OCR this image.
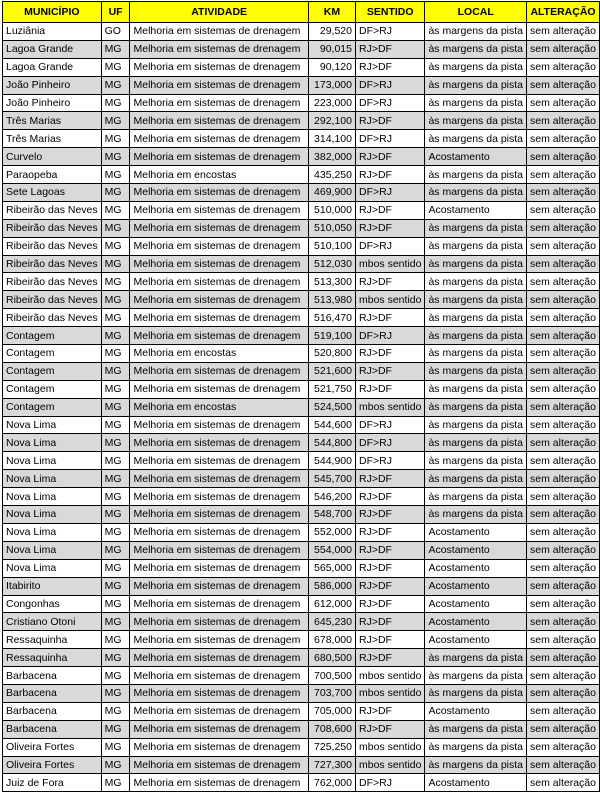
MUNICÍPIO	UF	ATIVIDADE	KM	SENTIDO	LOCAL	ALTERAÇÃO
Luziânia	GO	Melhoria em sistemas de drenagem	29,520	DF>RJ	às margens da pista	sem alteração
Lagoa Grande	MG	Melhoria em sistemas de drenagem	90,015	RJ>DF	às margens da pista	sem alteração
Lagoa Grande	MG	Melhoria em sistemas de drenagem	90,120	RJ>DF	às margens da pista	sem alteração
João Pinheiro	MG	Melhoria em sistemas de drenagem	173,000	DF>RJ	às margens da pista	sem alteração
João Pinheiro	MG	Melhoria em sistemas de drenagem	223,000	DF>RJ	às margens da pista	sem alteração
Três Marias	MG	Melhoria em sistemas de drenagem	292,100	RJ>DF	às margens da pista	sem alteração
Três Marias	MG	Melhoria em sistemas de drenagem	314,100	DF>RJ	às margens da pista	sem alteração
Curvelo	MG	Melhoria em sistemas de drenagem	382,000	RJ>DF	Acostamento	sem alteração
Paraopeba	MG	Melhoria em encostas	435,250	RJ>DF	às margens da pista	sem alteração
Sete Lagoas	MG	Melhoria em sistemas de drenagem	469,900	DF>RJ	às margens da pista	sem alteração
Ribeirão das Neves	MG	Melhoria em sistemas de drenagem	510,000	RJ>DF	Acostamento	sem alteração
Ribeirão das Neves	MG	Melhoria em sistemas de drenagem	510,050	RJ>DF	às margens da pista	sem alteração
Ribeirão das Neves	MG	Melhoria em sistemas de drenagem	510,100	DF>RJ	às margens da pista	sem alteração
Ribeirão das Neves	MG	Melhoria em sistemas de drenagem	512,030	mbos sentido	às margens da pista	sem alteração
Ribeirão das Neves	MG	Melhoria em sistemas de drenagem	513,300	RJ>DF	às margens da pista	sem alteração
Ribeirão das Neves	MG	Melhoria em sistemas de drenagem	513,980	mbos sentido	às margens da pista	sem alteração
Ribeirão das Neves	MG	Melhoria em sistemas de drenagem	516,470	RJ>DF	às margens da pista	sem alteração
Contagem	MG	Melhoria em sistemas de drenagem	519,100	DF>RJ	às margens da pista	sem alteração
Contagem	MG	Melhoria em encostas	520,800	RJ>DF	às margens da pista	sem alteração
Contagem	MG	Melhoria em sistemas de drenagem	521,600	RJ>DF	às margens da pista	sem alteração
Contagem	MG	Melhoria em sistemas de drenagem	521,750	RJ>DF	às margens da pista	sem alteração
Contagem	MG	Melhoria em encostas	524,500	mbos sentido	às margens da pista	sem alteração
Nova Lima	MG	Melhoria em sistemas de drenagem	544,600	DF>RJ	às margens da pista	sem alteração
Nova Lima	MG	Melhoria em sistemas de drenagem	544,800	DF>RJ	às margens da pista	sem alteração
Nova Lima	MG	Melhoria em sistemas de drenagem	544,900	DF>RJ	às margens da pista	sem alteração
Nova Lima	MG	Melhoria em sistemas de drenagem	545,700	RJ>DF	às margens da pista	sem alteração
Nova Lima	MG	Melhoria em sistemas de drenagem	546,200	RJ>DF	às margens da pista	sem alteração
Nova Lima	MG	Melhoria em sistemas de drenagem	548,700	RJ>DF	às margens da pista	sem alteração
Nova Lima	MG	Melhoria em sistemas de drenagem	552,000	RJ>DF	Acostamento	sem alteração
Nova Lima	MG	Melhoria em sistemas de drenagem	554,000	RJ>DF	Acostamento	sem alteração
Nova Lima	MG	Melhoria em sistemas de drenagem	565,000	RJ>DF	Acostamento	sem alteração
Itabirito	MG	Melhoria em sistemas de drenagem	586,000	RJ>DF	Acostamento	sem alteração
Congonhas	MG	Melhoria em sistemas de drenagem	612,000	RJ>DF	Acostamento	sem alteração
Cristiano Otoni	MG	Melhoria em sistemas de drenagem	645,230	RJ>DF	Acostamento	sem alteração
Ressaquinha	MG	Melhoria em sistemas de drenagem	678,000	RJ>DF	Acostamento	sem alteração
Ressaquinha	MG	Melhoria em sistemas de drenagem	680,500	RJ>DF	às margens da pista	sem alteração
Barbacena	MG	Melhoria em sistemas de drenagem	700,500	mbos sentido	às margens da pista	sem alteração
Barbacena	MG	Melhoria em sistemas de drenagem	703,700	mbos sentido	às margens da pista	sem alteração
Barbacena	MG	Melhoria em sistemas de drenagem	705,000	RJ>DF	Acostamento	sem alteração
Barbacena	MG	Melhoria em sistemas de drenagem	708,600	RJ>DF	às margens da pista	sem alteração
Oliveira Fortes	MG	Melhoria em sistemas de drenagem	725,250	mbos sentido	às margens da pista	sem alteração
Oliveira Fortes	MG	Melhoria em sistemas de drenagem	727,300	mbos sentido	às margens da pista	sem alteração
Juiz de Fora	MG	Melhoria em sistemas de drenagem	762,000	DF>RJ	Acostamento	sem alteração
